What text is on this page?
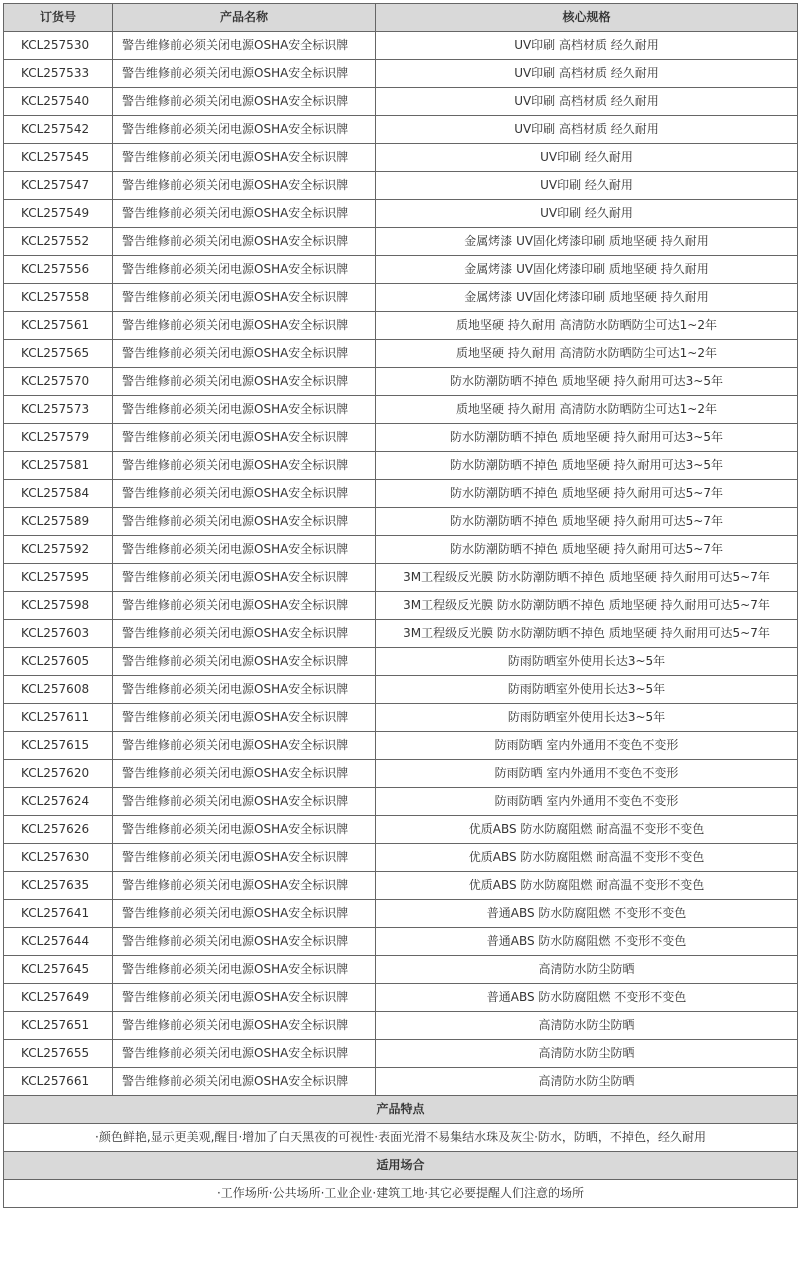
订货号	产品名称	核心规格
KCL257530	警告维修前必须关闭电源OSHA安全标识牌	UV印刷 高档材质 经久耐用
KCL257533	警告维修前必须关闭电源OSHA安全标识牌	UV印刷 高档材质 经久耐用
KCL257540	警告维修前必须关闭电源OSHA安全标识牌	UV印刷 高档材质 经久耐用
KCL257542	警告维修前必须关闭电源OSHA安全标识牌	UV印刷 高档材质 经久耐用
KCL257545	警告维修前必须关闭电源OSHA安全标识牌	UV印刷 经久耐用
KCL257547	警告维修前必须关闭电源OSHA安全标识牌	UV印刷 经久耐用
KCL257549	警告维修前必须关闭电源OSHA安全标识牌	UV印刷 经久耐用
KCL257552	警告维修前必须关闭电源OSHA安全标识牌	金属烤漆 UV固化烤漆印刷 质地坚硬 持久耐用
KCL257556	警告维修前必须关闭电源OSHA安全标识牌	金属烤漆 UV固化烤漆印刷 质地坚硬 持久耐用
KCL257558	警告维修前必须关闭电源OSHA安全标识牌	金属烤漆 UV固化烤漆印刷 质地坚硬 持久耐用
KCL257561	警告维修前必须关闭电源OSHA安全标识牌	质地坚硬 持久耐用 高清防水防晒防尘可达1~2年
KCL257565	警告维修前必须关闭电源OSHA安全标识牌	质地坚硬 持久耐用 高清防水防晒防尘可达1~2年
KCL257570	警告维修前必须关闭电源OSHA安全标识牌	防水防潮防晒不掉色 质地坚硬 持久耐用可达3~5年
KCL257573	警告维修前必须关闭电源OSHA安全标识牌	质地坚硬 持久耐用 高清防水防晒防尘可达1~2年
KCL257579	警告维修前必须关闭电源OSHA安全标识牌	防水防潮防晒不掉色 质地坚硬 持久耐用可达3~5年
KCL257581	警告维修前必须关闭电源OSHA安全标识牌	防水防潮防晒不掉色 质地坚硬 持久耐用可达3~5年
KCL257584	警告维修前必须关闭电源OSHA安全标识牌	防水防潮防晒不掉色 质地坚硬 持久耐用可达5~7年
KCL257589	警告维修前必须关闭电源OSHA安全标识牌	防水防潮防晒不掉色 质地坚硬 持久耐用可达5~7年
KCL257592	警告维修前必须关闭电源OSHA安全标识牌	防水防潮防晒不掉色 质地坚硬 持久耐用可达5~7年
KCL257595	警告维修前必须关闭电源OSHA安全标识牌	3M工程级反光膜 防水防潮防晒不掉色 质地坚硬 持久耐用可达5~7年
KCL257598	警告维修前必须关闭电源OSHA安全标识牌	3M工程级反光膜 防水防潮防晒不掉色 质地坚硬 持久耐用可达5~7年
KCL257603	警告维修前必须关闭电源OSHA安全标识牌	3M工程级反光膜 防水防潮防晒不掉色 质地坚硬 持久耐用可达5~7年
KCL257605	警告维修前必须关闭电源OSHA安全标识牌	防雨防晒室外使用长达3~5年
KCL257608	警告维修前必须关闭电源OSHA安全标识牌	防雨防晒室外使用长达3~5年
KCL257611	警告维修前必须关闭电源OSHA安全标识牌	防雨防晒室外使用长达3~5年
KCL257615	警告维修前必须关闭电源OSHA安全标识牌	防雨防晒 室内外通用不变色不变形
KCL257620	警告维修前必须关闭电源OSHA安全标识牌	防雨防晒 室内外通用不变色不变形
KCL257624	警告维修前必须关闭电源OSHA安全标识牌	防雨防晒 室内外通用不变色不变形
KCL257626	警告维修前必须关闭电源OSHA安全标识牌	优质ABS 防水防腐阻燃 耐高温不变形不变色
KCL257630	警告维修前必须关闭电源OSHA安全标识牌	优质ABS 防水防腐阻燃 耐高温不变形不变色
KCL257635	警告维修前必须关闭电源OSHA安全标识牌	优质ABS 防水防腐阻燃 耐高温不变形不变色
KCL257641	警告维修前必须关闭电源OSHA安全标识牌	普通ABS 防水防腐阻燃 不变形不变色
KCL257644	警告维修前必须关闭电源OSHA安全标识牌	普通ABS 防水防腐阻燃 不变形不变色
KCL257645	警告维修前必须关闭电源OSHA安全标识牌	高清防水防尘防晒
KCL257649	警告维修前必须关闭电源OSHA安全标识牌	普通ABS 防水防腐阻燃 不变形不变色
KCL257651	警告维修前必须关闭电源OSHA安全标识牌	高清防水防尘防晒
KCL257655	警告维修前必须关闭电源OSHA安全标识牌	高清防水防尘防晒
KCL257661	警告维修前必须关闭电源OSHA安全标识牌	高清防水防尘防晒
产品特点		
·颜色鲜艳,显示更美观,醒目·增加了白天黑夜的可视性·表面光滑不易集结水珠及灰尘·防水，防晒，不掉色，经久耐用		
适用场合		
·工作场所·公共场所·工业企业·建筑工地·其它必要提醒人们注意的场所		
